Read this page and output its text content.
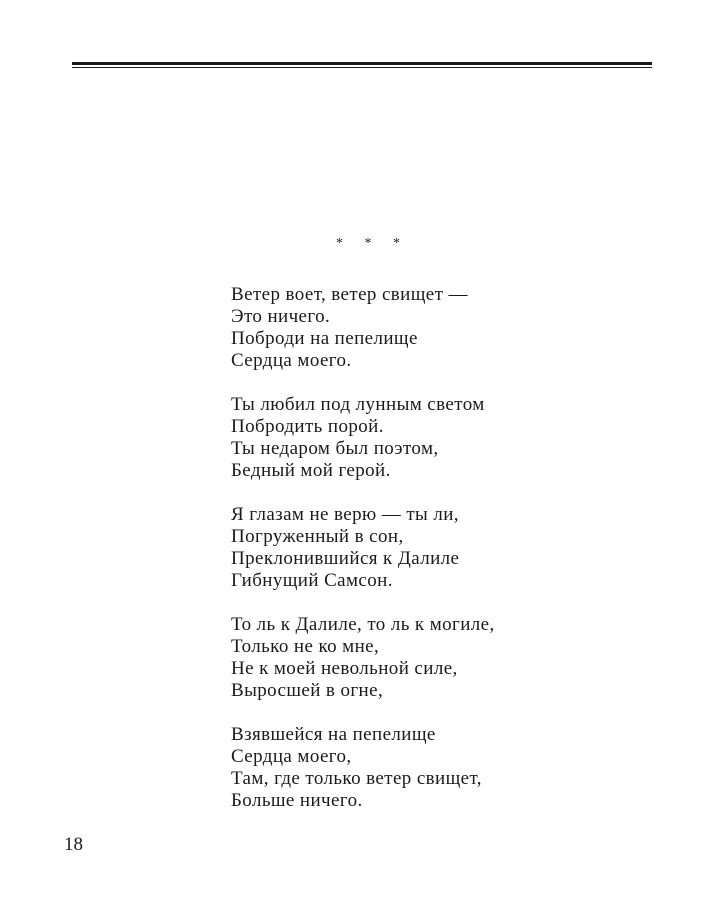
* * *
Ветер воет, ветер свищет —
Это ничего.
Поброди на пепелище
Сердца моего.
Ты любил под лунным светом
Побродить порой.
Ты недаром был поэтом,
Бедный мой герой.
Я глазам не верю — ты ли,
Погруженный в сон,
Преклонившийся к Далиле
Гибнущий Самсон.
То ль к Далиле, то ль к могиле,
Только не ко мне,
Не к моей невольной силе,
Выросшей в огне,
Взявшейся на пепелище
Сердца моего,
Там, где только ветер свищет,
Больше ничего.
18
